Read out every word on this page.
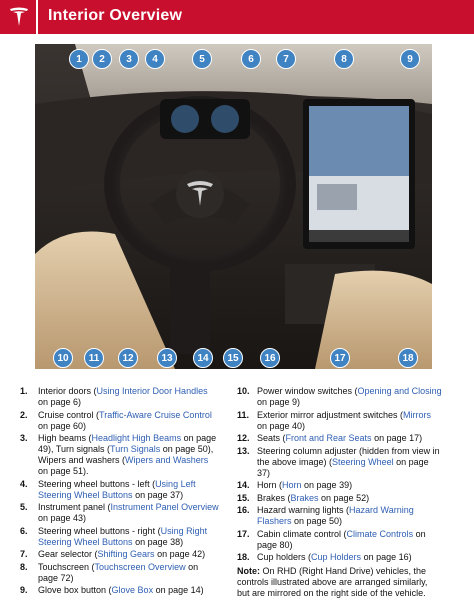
Interior Overview
1	2	3	4	5	6	7	8	9
10	11	12	13	14	15	16	17	18
1. Interior doors (Using Interior Door Handles on page 6)
2. Cruise control (Traffic-Aware Cruise Control on page 60)
3. High beams (Headlight High Beams on page 49), Turn signals (Turn Signals on page 50), Wipers and washers (Wipers and Washers on page 51).
4. Steering wheel buttons - left (Using Left Steering Wheel Buttons on page 37)
5. Instrument panel (Instrument Panel Overview on page 43)
6. Steering wheel buttons - right (Using Right Steering Wheel Buttons on page 38)
7. Gear selector (Shifting Gears on page 42)
8. Touchscreen (Touchscreen Overview on page 72)
9. Glove box button (Glove Box on page 14)
10. Power window switches (Opening and Closing on page 9)
11. Exterior mirror adjustment switches (Mirrors on page 40)
12. Seats (Front and Rear Seats on page 17)
13. Steering column adjuster (hidden from view in the above image) (Steering Wheel on page 37)
14. Horn (Horn on page 39)
15. Brakes (Brakes on page 52)
16. Hazard warning lights (Hazard Warning Flashers on page 50)
17. Cabin climate control (Climate Controls on page 80)
18. Cup holders (Cup Holders on page 16)
Note: On RHD (Right Hand Drive) vehicles, the controls illustrated above are arranged similarly, but are mirrored on the right side of the vehicle.
